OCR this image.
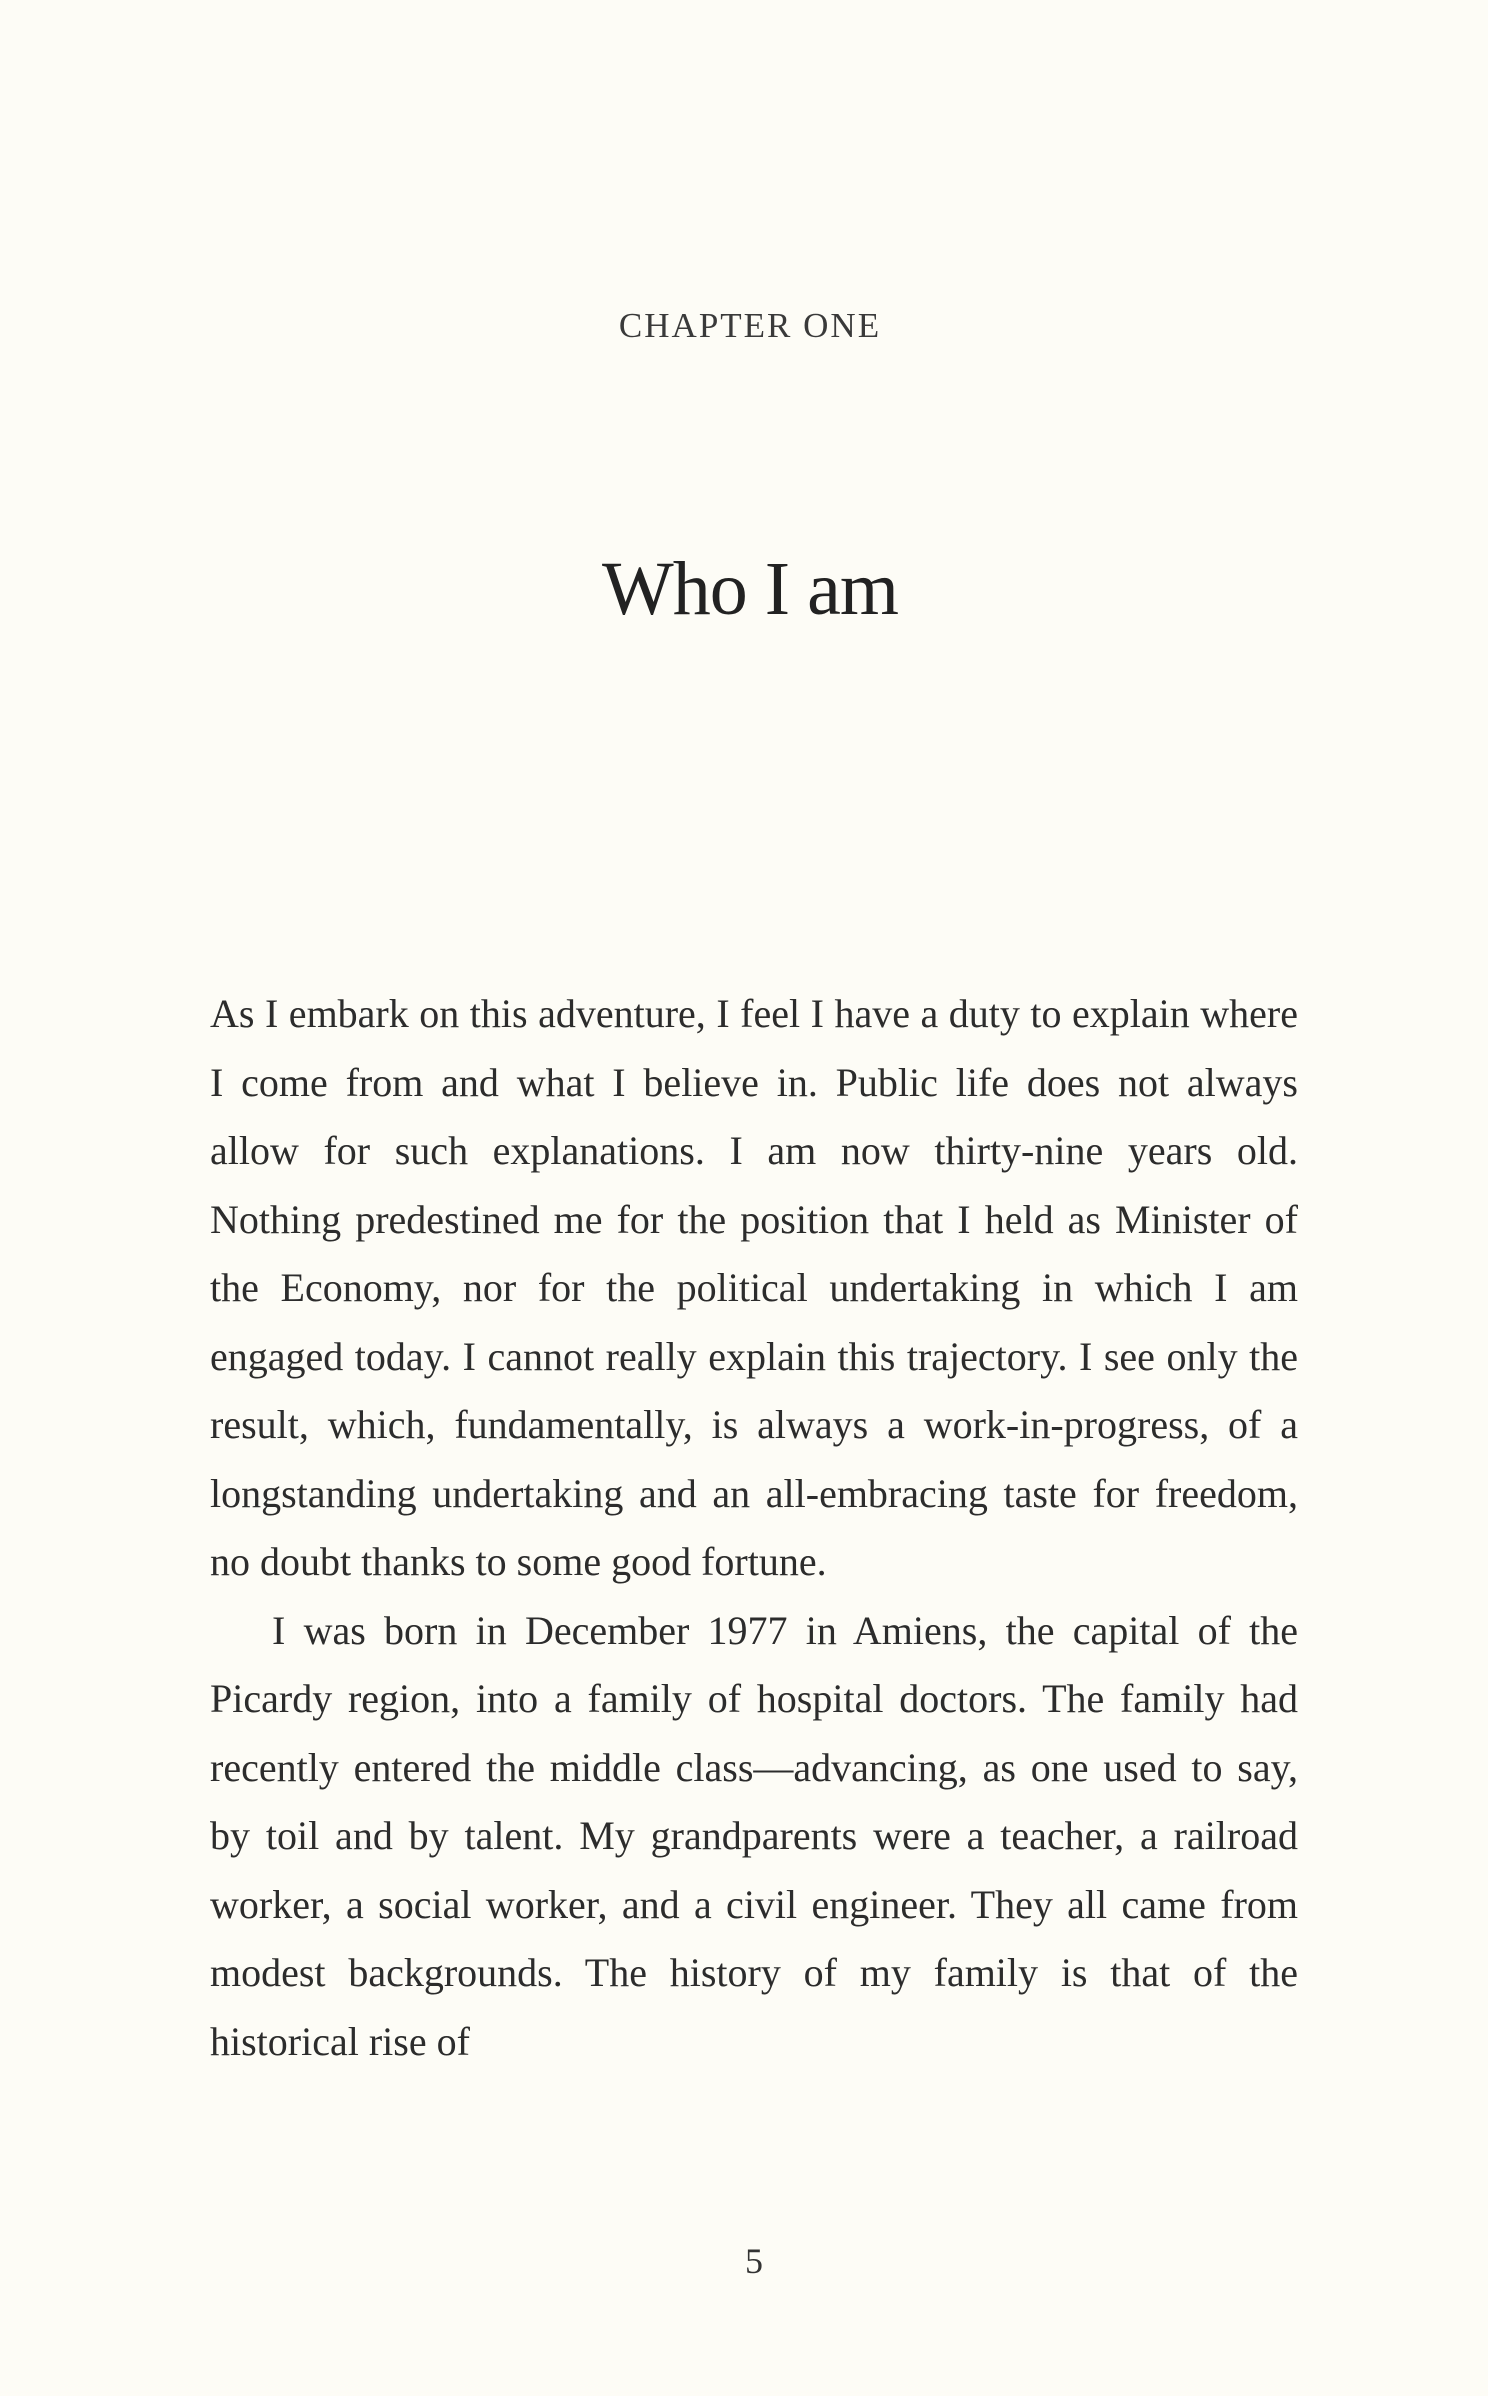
CHAPTER ONE
Who I am

As I embark on this adventure, I feel I have a duty to explain where I come from and what I believe in. Public life does not always allow for such explanations. I am now thirty-nine years old. Nothing predestined me for the position that I held as Minister of the Economy, nor for the political undertaking in which I am engaged today. I cannot really explain this trajectory. I see only the result, which, fundamentally, is always a work-in-progress, of a longstanding undertaking and an all-embracing taste for freedom, no doubt thanks to some good fortune.

I was born in December 1977 in Amiens, the capital of the Picardy region, into a family of hospital doctors. The family had recently entered the middle class—advancing, as one used to say, by toil and by talent. My grandparents were a teacher, a railroad worker, a social worker, and a civil engineer. They all came from modest backgrounds. The history of my family is that of the historical rise of

5
